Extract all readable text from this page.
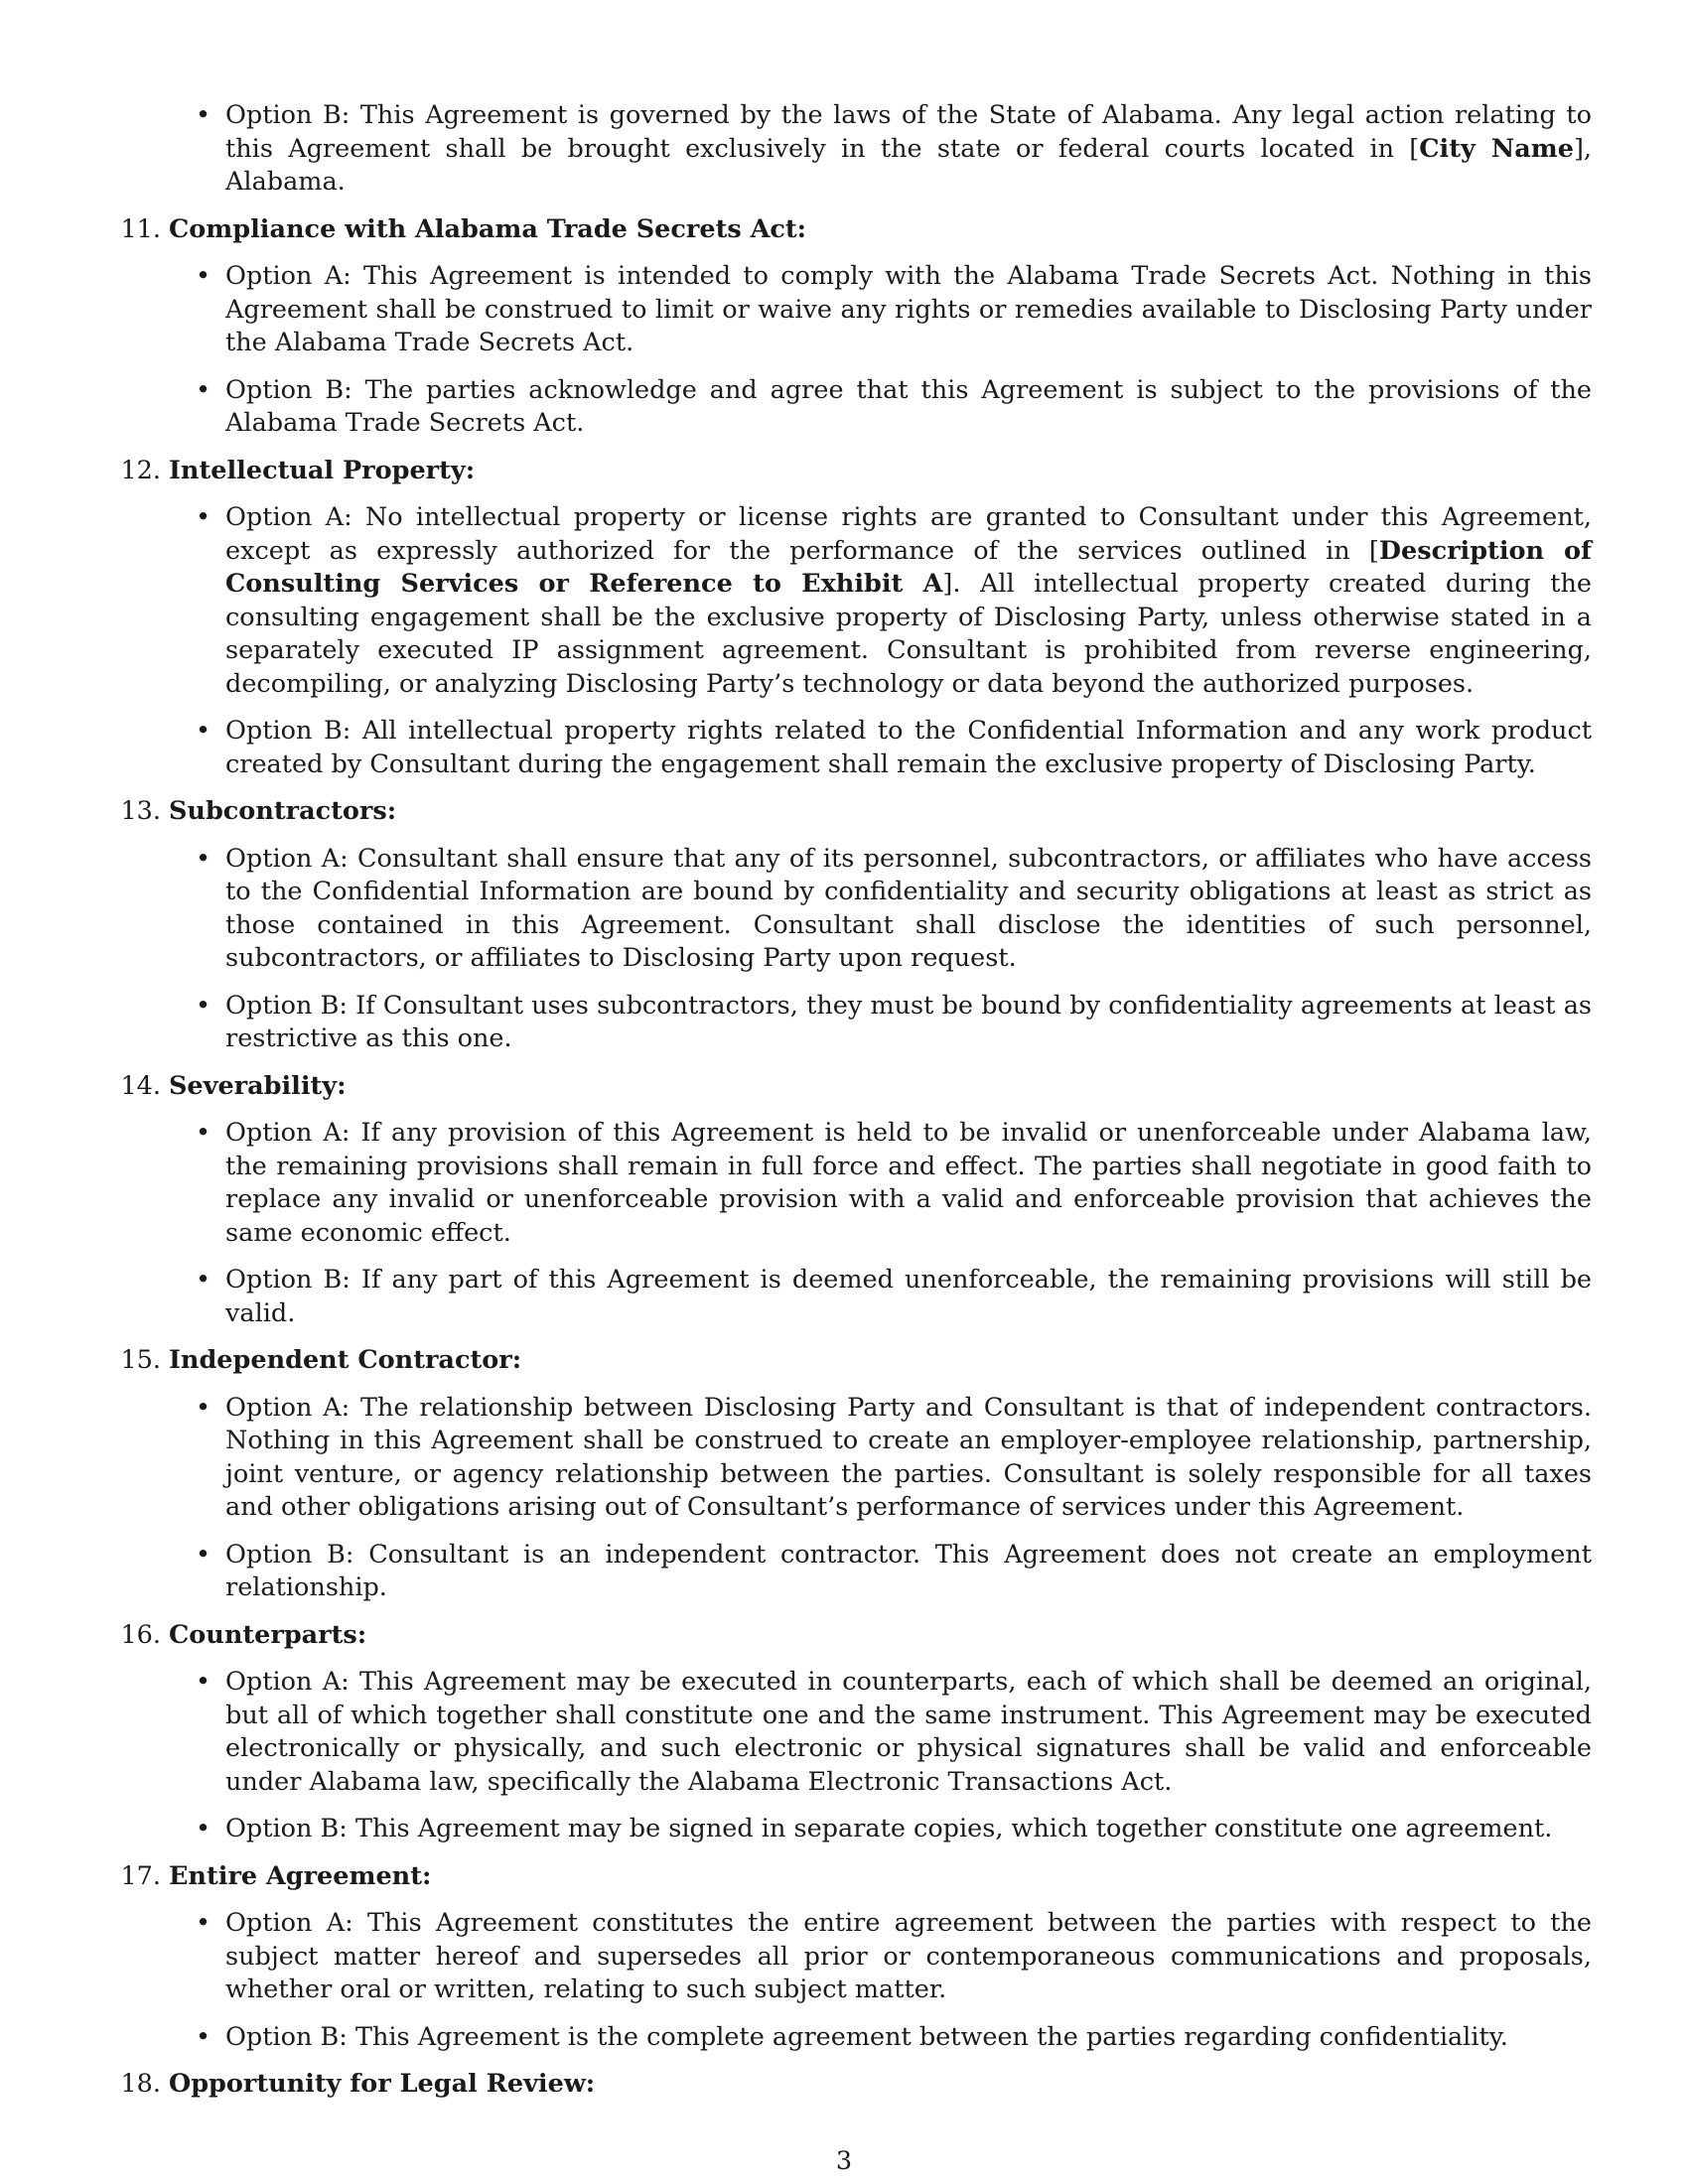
• Option B: This Agreement is governed by the laws of the State of Alabama. Any legal action relating to this Agreement shall be brought exclusively in the state or federal courts located in [City Name], Alabama.
11. Compliance with Alabama Trade Secrets Act:
• Option A: This Agreement is intended to comply with the Alabama Trade Secrets Act. Nothing in this Agreement shall be construed to limit or waive any rights or remedies available to Disclosing Party under the Alabama Trade Secrets Act.
• Option B: The parties acknowledge and agree that this Agreement is subject to the provisions of the Alabama Trade Secrets Act.
12. Intellectual Property:
• Option A: No intellectual property or license rights are granted to Consultant under this Agreement, except as expressly authorized for the performance of the services outlined in [Description of Consulting Services or Reference to Exhibit A]. All intellectual property created during the consulting engagement shall be the exclusive property of Disclosing Party, unless otherwise stated in a separately executed IP assignment agreement. Consultant is prohibited from reverse engineering, decompiling, or analyzing Disclosing Party’s technology or data beyond the authorized purposes.
• Option B: All intellectual property rights related to the Confidential Information and any work product created by Consultant during the engagement shall remain the exclusive property of Disclosing Party.
13. Subcontractors:
• Option A: Consultant shall ensure that any of its personnel, subcontractors, or affiliates who have access to the Confidential Information are bound by confidentiality and security obligations at least as strict as those contained in this Agreement. Consultant shall disclose the identities of such personnel, subcontractors, or affiliates to Disclosing Party upon request.
• Option B: If Consultant uses subcontractors, they must be bound by confidentiality agreements at least as restrictive as this one.
14. Severability:
• Option A: If any provision of this Agreement is held to be invalid or unenforceable under Alabama law, the remaining provisions shall remain in full force and effect. The parties shall negotiate in good faith to replace any invalid or unenforceable provision with a valid and enforceable provision that achieves the same economic effect.
• Option B: If any part of this Agreement is deemed unenforceable, the remaining provisions will still be valid.
15. Independent Contractor:
• Option A: The relationship between Disclosing Party and Consultant is that of independent contractors. Nothing in this Agreement shall be construed to create an employer-employee relationship, partnership, joint venture, or agency relationship between the parties. Consultant is solely responsible for all taxes and other obligations arising out of Consultant’s performance of services under this Agreement.
• Option B: Consultant is an independent contractor. This Agreement does not create an employment relationship.
16. Counterparts:
• Option A: This Agreement may be executed in counterparts, each of which shall be deemed an original, but all of which together shall constitute one and the same instrument. This Agreement may be executed electronically or physically, and such electronic or physical signatures shall be valid and enforceable under Alabama law, specifically the Alabama Electronic Transactions Act.
• Option B: This Agreement may be signed in separate copies, which together constitute one agreement.
17. Entire Agreement:
• Option A: This Agreement constitutes the entire agreement between the parties with respect to the subject matter hereof and supersedes all prior or contemporaneous communications and proposals, whether oral or written, relating to such subject matter.
• Option B: This Agreement is the complete agreement between the parties regarding confidentiality.
18. Opportunity for Legal Review:
3
